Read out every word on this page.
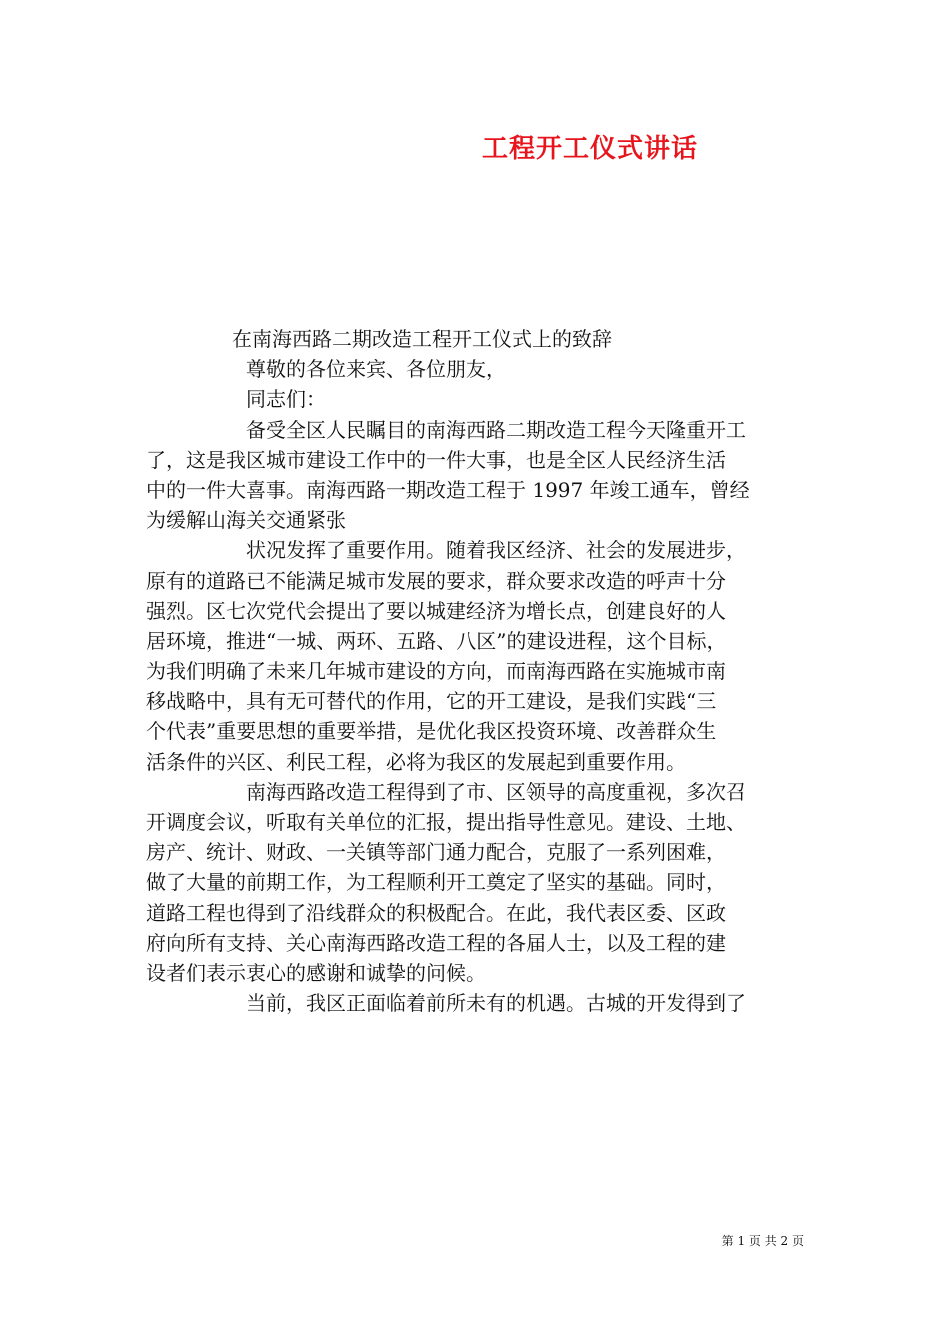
工程开工仪式讲话
在南海西路二期改造工程开工仪式上的致辞
尊敬的各位来宾、各位朋友，
同志们：
备受全区人民瞩目的南海西路二期改造工程今天隆重开工
了，这是我区城市建设工作中的一件大事，也是全区人民经济生活
中的一件大喜事。南海西路一期改造工程于 1997 年竣工通车，曾经
为缓解山海关交通紧张
状况发挥了重要作用。随着我区经济、社会的发展进步，
原有的道路已不能满足城市发展的要求，群众要求改造的呼声十分
强烈。区七次党代会提出了要以城建经济为增长点，创建良好的人
居环境，推进“一城、两环、五路、八区”的建设进程，这个目标，
为我们明确了未来几年城市建设的方向，而南海西路在实施城市南
移战略中，具有无可替代的作用，它的开工建设，是我们实践“三
个代表”重要思想的重要举措，是优化我区投资环境、改善群众生
活条件的兴区、利民工程，必将为我区的发展起到重要作用。
南海西路改造工程得到了市、区领导的高度重视，多次召
开调度会议，听取有关单位的汇报，提出指导性意见。建设、土地、
房产、统计、财政、一关镇等部门通力配合，克服了一系列困难，
做了大量的前期工作，为工程顺利开工奠定了坚实的基础。同时，
道路工程也得到了沿线群众的积极配合。在此，我代表区委、区政
府向所有支持、关心南海西路改造工程的各届人士，以及工程的建
设者们表示衷心的感谢和诚挚的问候。
当前，我区正面临着前所未有的机遇。古城的开发得到了
第 1 页 共 2 页
